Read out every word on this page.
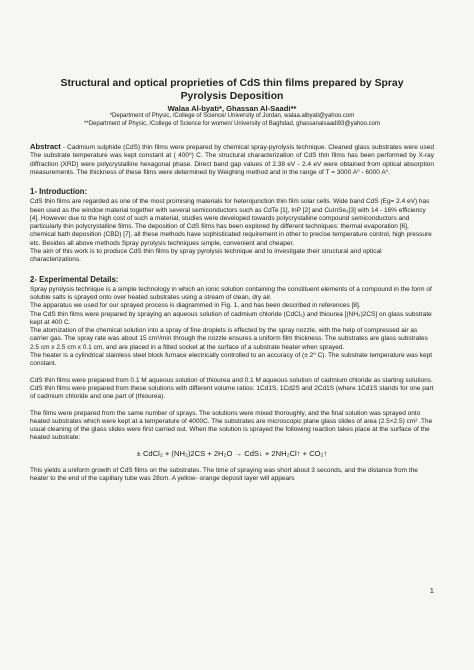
Structural and optical proprieties of CdS thin films prepared by Spray Pyrolysis Deposition
Walaa Al-byati*, Ghassan Al-Saadi**
*Department of Physic, /College of Science/ University of Jordan, walaa.albyati@yahoo.com
**Department of Physic, /College of Science for women/ University of Baghdad, ghassanalsaadi93@yahoo.com
Abstract - Cadmium sulphide (CdS) thin films were prepared by chemical spray-pyrolysis technique. Cleaned glass substrates were used The substrate temperature was kept constant at ( 400⁰) C. The structural characterization of CdS thin films has been performed by X-ray diffraction (XRD) were polycrystalline hexagonal phase. Direct band gap values of 2.38 eV - 2.4 eV were obtained from optical absorption measurements. The thickness of these films were determined by Weighing method and in the range of T = 3000 A⁰ - 6000 A⁰.
1- Introduction:

CdS thin films are regarded as one of the most promising materials for heterojunction thin film solar cells. Wide band CdS (Eg= 2.4 eV) has been used as the window material together with several semiconductors such as CdTe [1], InP [2] and CuInSe₂[3] with 14 - 16% efficiency [4]. However due to the high cost of such a material, studies were developed towards polycrystalline compound semiconductors and particularly thin polycrystalline films. The deposition of CdS films has been explored by different techniques: thermal evaporation [6], chemical bath deposition (CBD) [7], all these methods have sophisticated requirement in other to precise temperature control, high pressure etc. Besides all above methods Spray pyrolysis techniques simple, convenient and cheaper.

The aim of this work is to produce CdS thin films by spray pyrolysis technique and to investigate their structural and optical characterizations.

2- Experimental Details:

Spray pyrolysis technique is a simple technology in which an ionic solution containing the constituent elements of a compound in the form of soluble salts is sprayed onto over heated substrates using a stream of clean, dry air.

The apparatus we used for our sprayed process is diagrammed in Fig. 1, and has been described in references [8].

The CdS thin films were prepared by spraying an aqueous solution of cadmium chloride (CdCl₂) and thiourea [(NH₂)2CS] on glass substrate kept at 400 C.

The atomization of the chemical solution into a spray of fine droplets is effected by the spray nozzle, with the help of compressed air as carrier gas. The spray rate was about 15 cm³/min through the nozzle ensures a uniform film thickness. The substrates are glass substrates 2.5 cm x 2.5 cm x 0.1 cm, and are placed in a fitted socket at the surface of a substrate heater when sprayed.

The heater is a cylindrical stainless steel block furnace electrically controlled to an accuracy of (± 2⁰ C). The substrate temperature was kept constant.

CdS thin films were prepared from 0.1 M aqueous solution of thiourea and 0.1 M aqueous solution of cadmium chloride as starting solutions. CdS thin films were prepared from these solutions with different volume ratios: 1Cd1S, 1Cd2S and 2Cd1S (where 1Cd1S stands for one part of cadmium chloride and one part of (thiourea).

The films were prepared from the same number of sprays. The solutions were mixed thoroughly, and the final solution was sprayed onto heated substrates which were kept at a temperature of 4000C. The substrates are microscopic plane glass slides of area (2.5×2.5) cm² .The usual cleaning of the glass slides were first carried out. When the solution is sprayed the following reaction takes place at the surface of the heated substrate:

± CdCl₂ + (NH₂)2CS + 2H₂O → CdS↓ + 2NH₂Cl↑ + CO₂↑

This yields a uniform growth of CdS films on the substrates. The time of spraying was short about 3 seconds, and the distance from the heater to the end of the capillary tube was 28cm. A yellow- orange deposit layer will appears

1
